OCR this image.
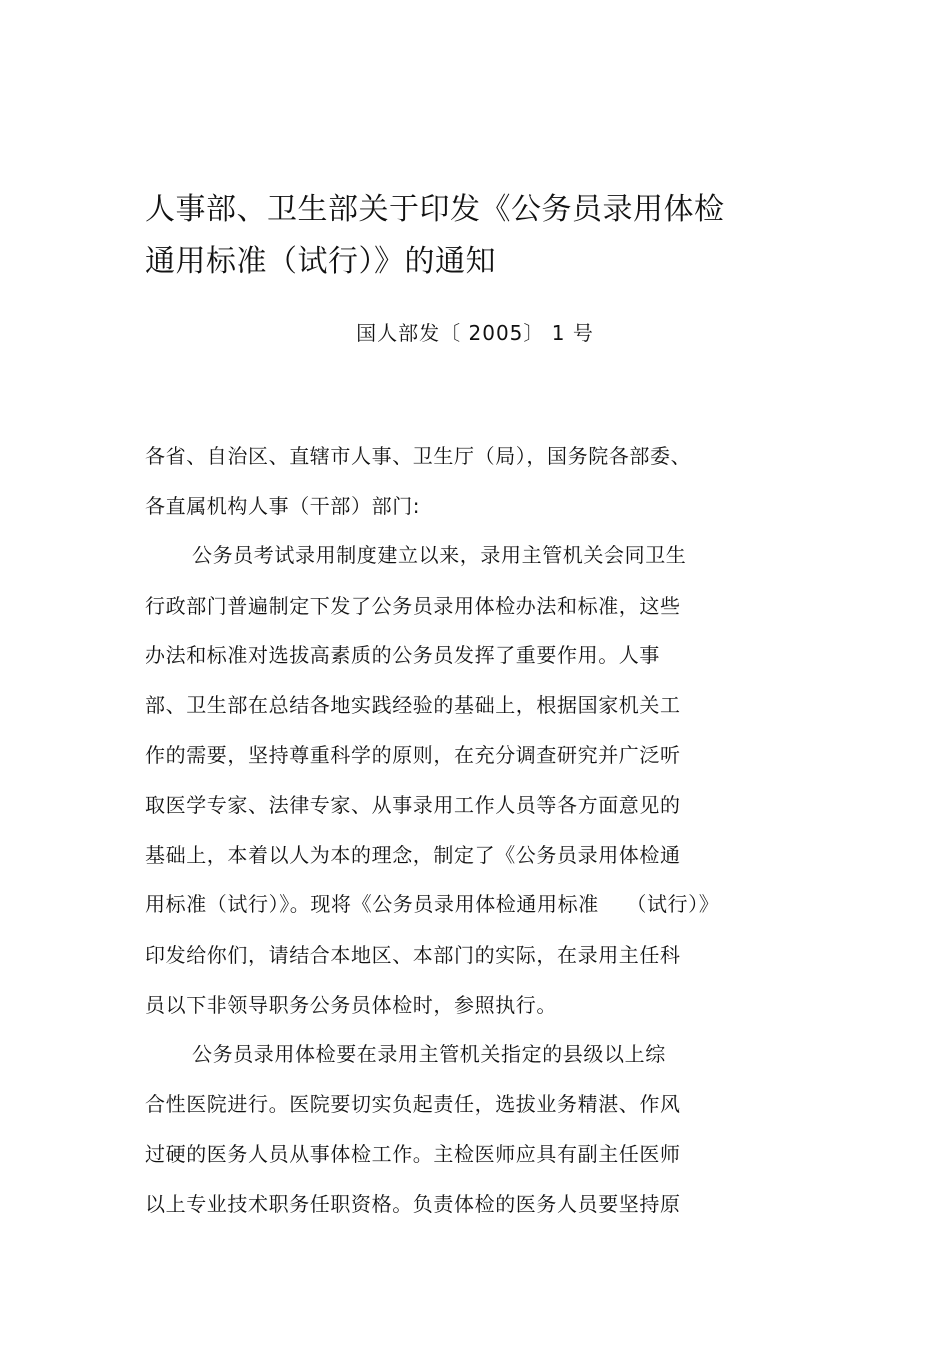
人事部、卫生部关于印发《公务员录用体检
通用标准（试行）》的通知
国人部发〔 2005〕 1 号
各省、自治区、直辖市人事、卫生厅（局），国务院各部委、
各直属机构人事（干部）部门:
公务员考试录用制度建立以来，录用主管机关会同卫生
行政部门普遍制定下发了公务员录用体检办法和标准，这些
办法和标准对选拔高素质的公务员发挥了重要作用。人事
部、卫生部在总结各地实践经验的基础上，根据国家机关工
作的需要，坚持尊重科学的原则，在充分调查研究并广泛听
取医学专家、法律专家、从事录用工作人员等各方面意见的
基础上，本着以人为本的理念，制定了《公务员录用体检通
用标准（试行）》。现将《公务员录用体检通用标准　 （试行）》
印发给你们，请结合本地区、本部门的实际，在录用主任科
员以下非领导职务公务员体检时，参照执行。
公务员录用体检要在录用主管机关指定的县级以上综
合性医院进行。医院要切实负起责任，选拔业务精湛、作风
过硬的医务人员从事体检工作。主检医师应具有副主任医师
以上专业技术职务任职资格。负责体检的医务人员要坚持原
